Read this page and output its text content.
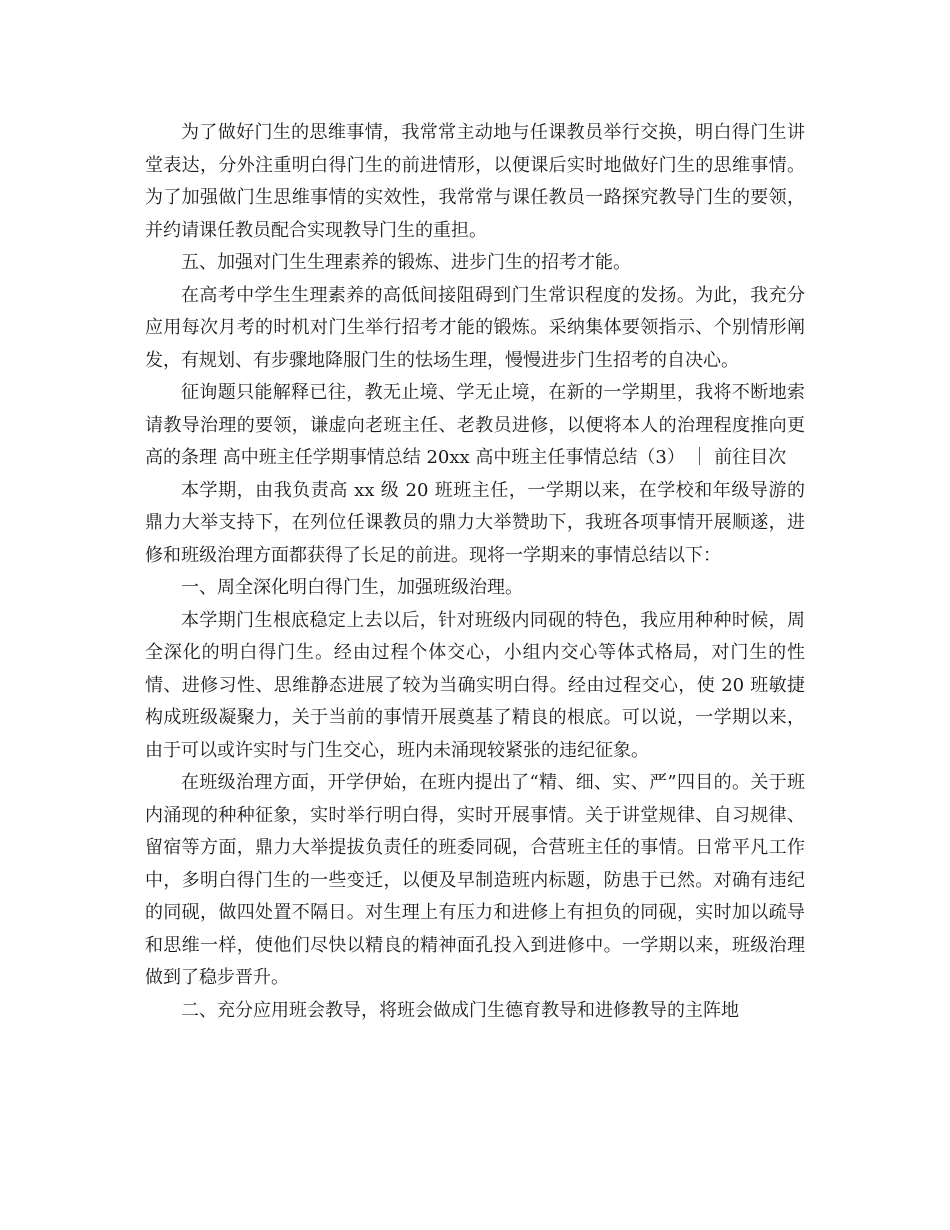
为了做好门生的思维事情，我常常主动地与任课教员举行交换，明白得门生讲堂表达，分外注重明白得门生的前进情形，以便课后实时地做好门生的思维事情。为了加强做门生思维事情的实效性，我常常与课任教员一路探究教导门生的要领，并约请课任教员配合实现教导门生的重担。

五、加强对门生生理素养的锻炼、进步门生的招考才能。

在高考中学生生理素养的高低间接阻碍到门生常识程度的发扬。为此，我充分应用每次月考的时机对门生举行招考才能的锻炼。采纳集体要领指示、个别情形阐发，有规划、有步骤地降服门生的怯场生理，慢慢进步门生招考的自决心。

征询题只能解释已往，教无止境、学无止境，在新的一学期里，我将不断地索请教导治理的要领，谦虚向老班主任、老教员进修，以便将本人的治理程度推向更高的条理 高中班主任学期事情总结 20xx 高中班主任事情总结（3） ｜ 前往目次

本学期，由我负责高 xx 级 20 班班主任，一学期以来，在学校和年级导游的鼎力大举支持下，在列位任课教员的鼎力大举赞助下，我班各项事情开展顺遂，进修和班级治理方面都获得了长足的前进。现将一学期来的事情总结以下：

一、周全深化明白得门生，加强班级治理。

本学期门生根底稳定上去以后，针对班级内同砚的特色，我应用种种时候，周全深化的明白得门生。经由过程个体交心，小组内交心等体式格局，对门生的性情、进修习性、思维静态进展了较为当确实明白得。经由过程交心，使 20 班敏捷构成班级凝聚力，关于当前的事情开展奠基了精良的根底。可以说，一学期以来，由于可以或许实时与门生交心，班内未涌现较紧张的违纪征象。

在班级治理方面，开学伊始，在班内提出了“精、细、实、严”四目的。关于班内涌现的种种征象，实时举行明白得，实时开展事情。关于讲堂规律、自习规律、留宿等方面，鼎力大举提拔负责任的班委同砚，合营班主任的事情。日常平凡工作中，多明白得门生的一些变迁，以便及早制造班内标题，防患于已然。对确有违纪的同砚，做四处置不隔日。对生理上有压力和进修上有担负的同砚，实时加以疏导和思维一样，使他们尽快以精良的精神面孔投入到进修中。一学期以来，班级治理做到了稳步晋升。

二、充分应用班会教导，将班会做成门生德育教导和进修教导的主阵地
